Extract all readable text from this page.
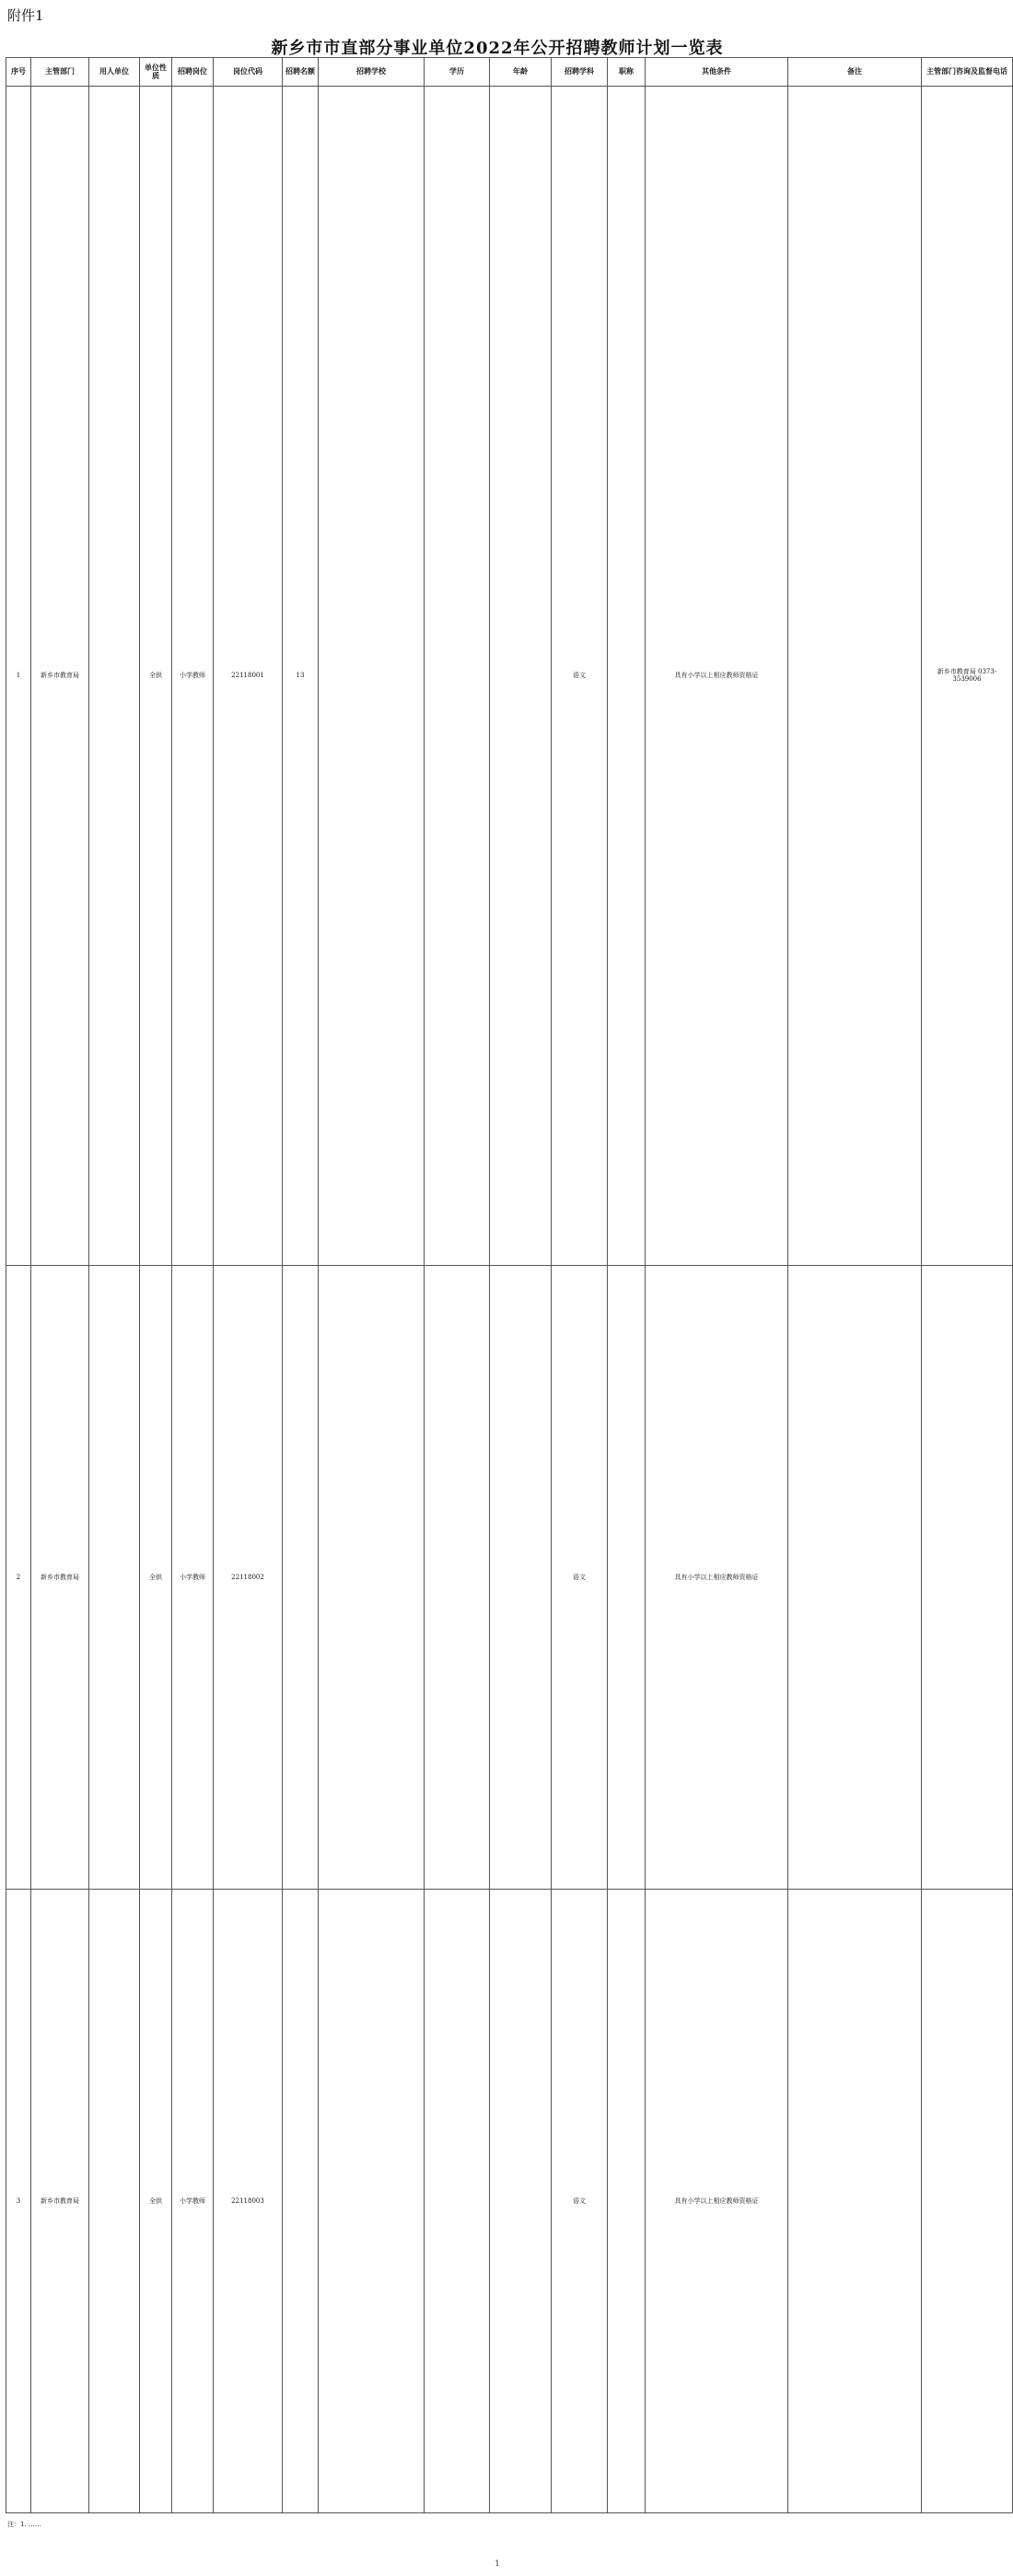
附件1
新乡市市直部分事业单位2022年公开招聘教师计划一览表
序号	主管部门	用人单位	单位性质	招聘岗位	岗位代码	招聘名额	招聘学校	学历	年龄	招聘学科	职称	其他条件	备注	主管部门咨询及监督电话
1	新乡市教育局		全供	小学教师	22118001	13				语文		具有小学以上相应教师资格证		新乡市教育局 0373-3539006
2	新乡市教育局		全供	小学教师	22118002					语文		具有小学以上相应教师资格证		
3	新乡市教育局		全供	小学教师	22118003					语文		具有小学以上相应教师资格证		
注：1. ……
1
